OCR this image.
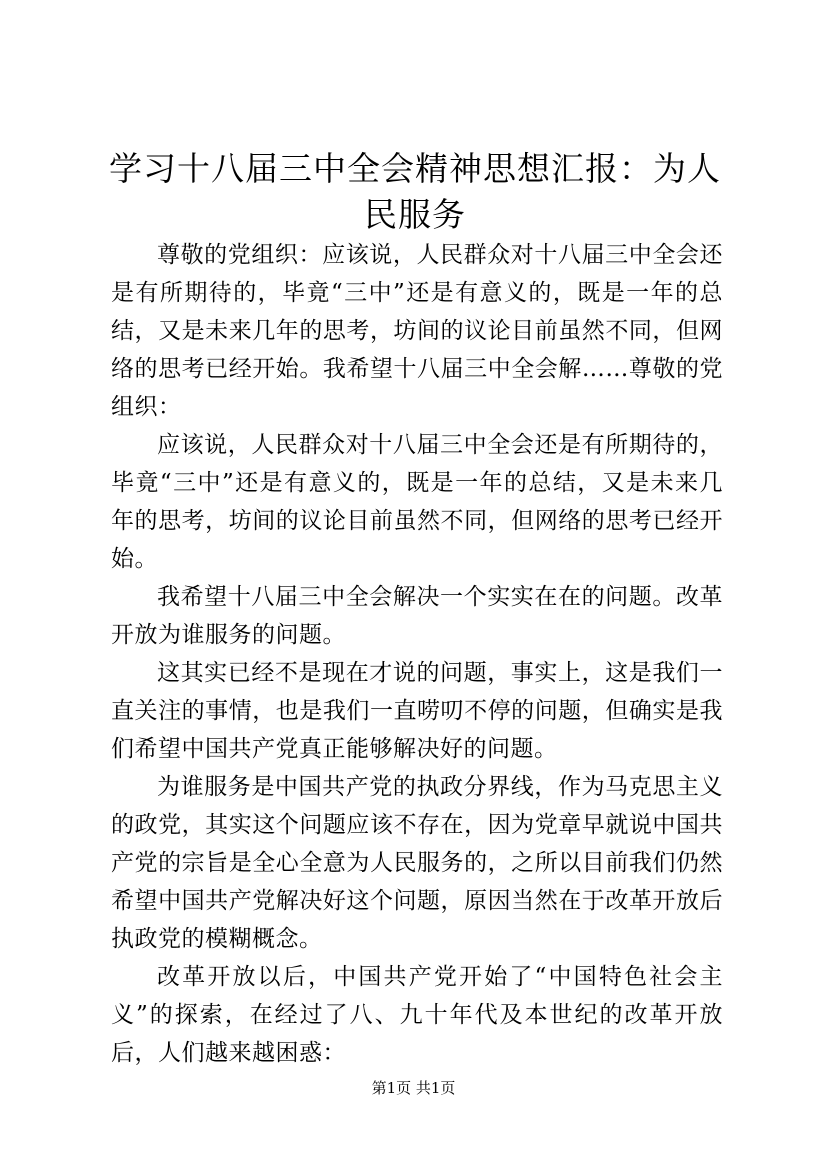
学习十八届三中全会精神思想汇报：为人民服务

尊敬的党组织：应该说，人民群众对十八届三中全会还是有所期待的，毕竟“三中”还是有意义的，既是一年的总结，又是未来几年的思考，坊间的议论目前虽然不同，但网络的思考已经开始。我希望十八届三中全会解……尊敬的党组织：

应该说，人民群众对十八届三中全会还是有所期待的，毕竟“三中”还是有意义的，既是一年的总结，又是未来几年的思考，坊间的议论目前虽然不同，但网络的思考已经开始。

我希望十八届三中全会解决一个实实在在的问题。改革开放为谁服务的问题。

这其实已经不是现在才说的问题，事实上，这是我们一直关注的事情，也是我们一直唠叨不停的问题，但确实是我们希望中国共产党真正能够解决好的问题。

为谁服务是中国共产党的执政分界线，作为马克思主义的政党，其实这个问题应该不存在，因为党章早就说中国共产党的宗旨是全心全意为人民服务的，之所以目前我们仍然希望中国共产党解决好这个问题，原因当然在于改革开放后执政党的模糊概念。

改革开放以后，中国共产党开始了“中国特色社会主义”的探索，在经过了八、九十年代及本世纪的改革开放后，人们越来越困惑：

第1页 共1页
